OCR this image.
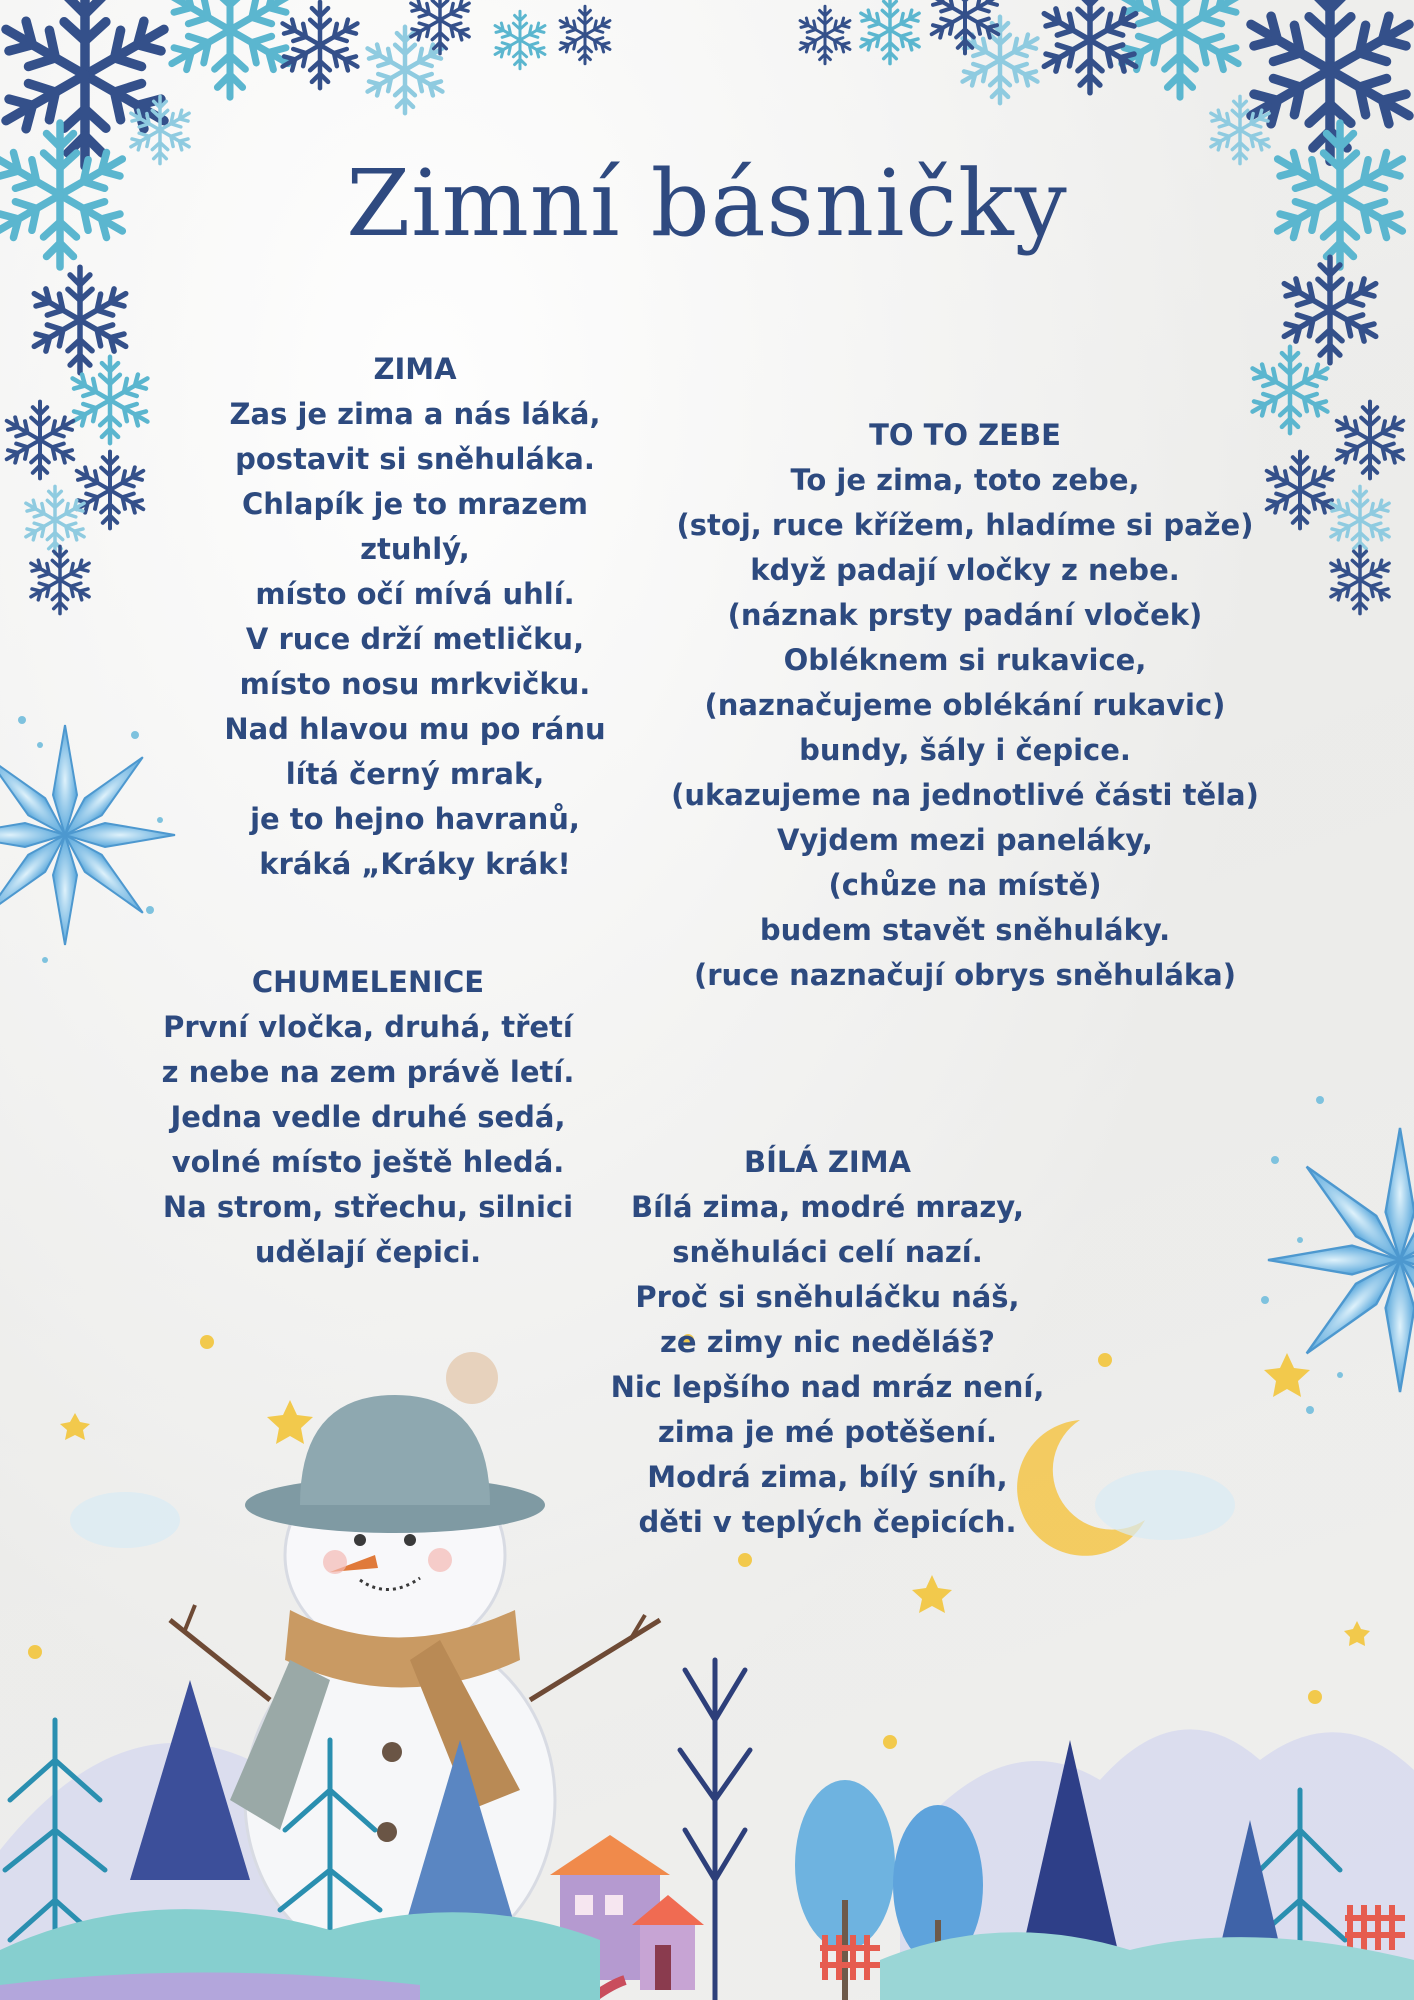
Zimní básničky
ZIMA
Zas je zima a nás láká,
postavit si sněhuláka.
Chlapík je to mrazem
ztuhlý,
místo očí mívá uhlí.
V ruce drží metličku,
místo nosu mrkvičku.
Nad hlavou mu po ránu
lítá černý mrak,
je to hejno havranů,
kráká „Kráky krák!
TO TO ZEBE
To je zima, toto zebe,
(stoj, ruce křížem, hladíme si paže)
když padají vločky z nebe.
(náznak prsty padání vloček)
Obléknem si rukavice,
(naznačujeme oblékání rukavic)
bundy, šály i čepice.
(ukazujeme na jednotlivé části těla)
Vyjdem mezi paneláky,
(chůze na místě)
budem stavět sněhuláky.
(ruce naznačují obrys sněhuláka)
CHUMELENICE
První vločka, druhá, třetí
z nebe na zem právě letí.
Jedna vedle druhé sedá,
volné místo ještě hledá.
Na strom, střechu, silnici
udělají čepici.
BÍLÁ ZIMA
Bílá zima, modré mrazy,
sněhuláci celí nazí.
Proč si sněhuláčku náš,
ze zimy nic neděláš?
Nic lepšího nad mráz není,
zima je mé potěšení.
Modrá zima, bílý sníh,
děti v teplých čepicích.
